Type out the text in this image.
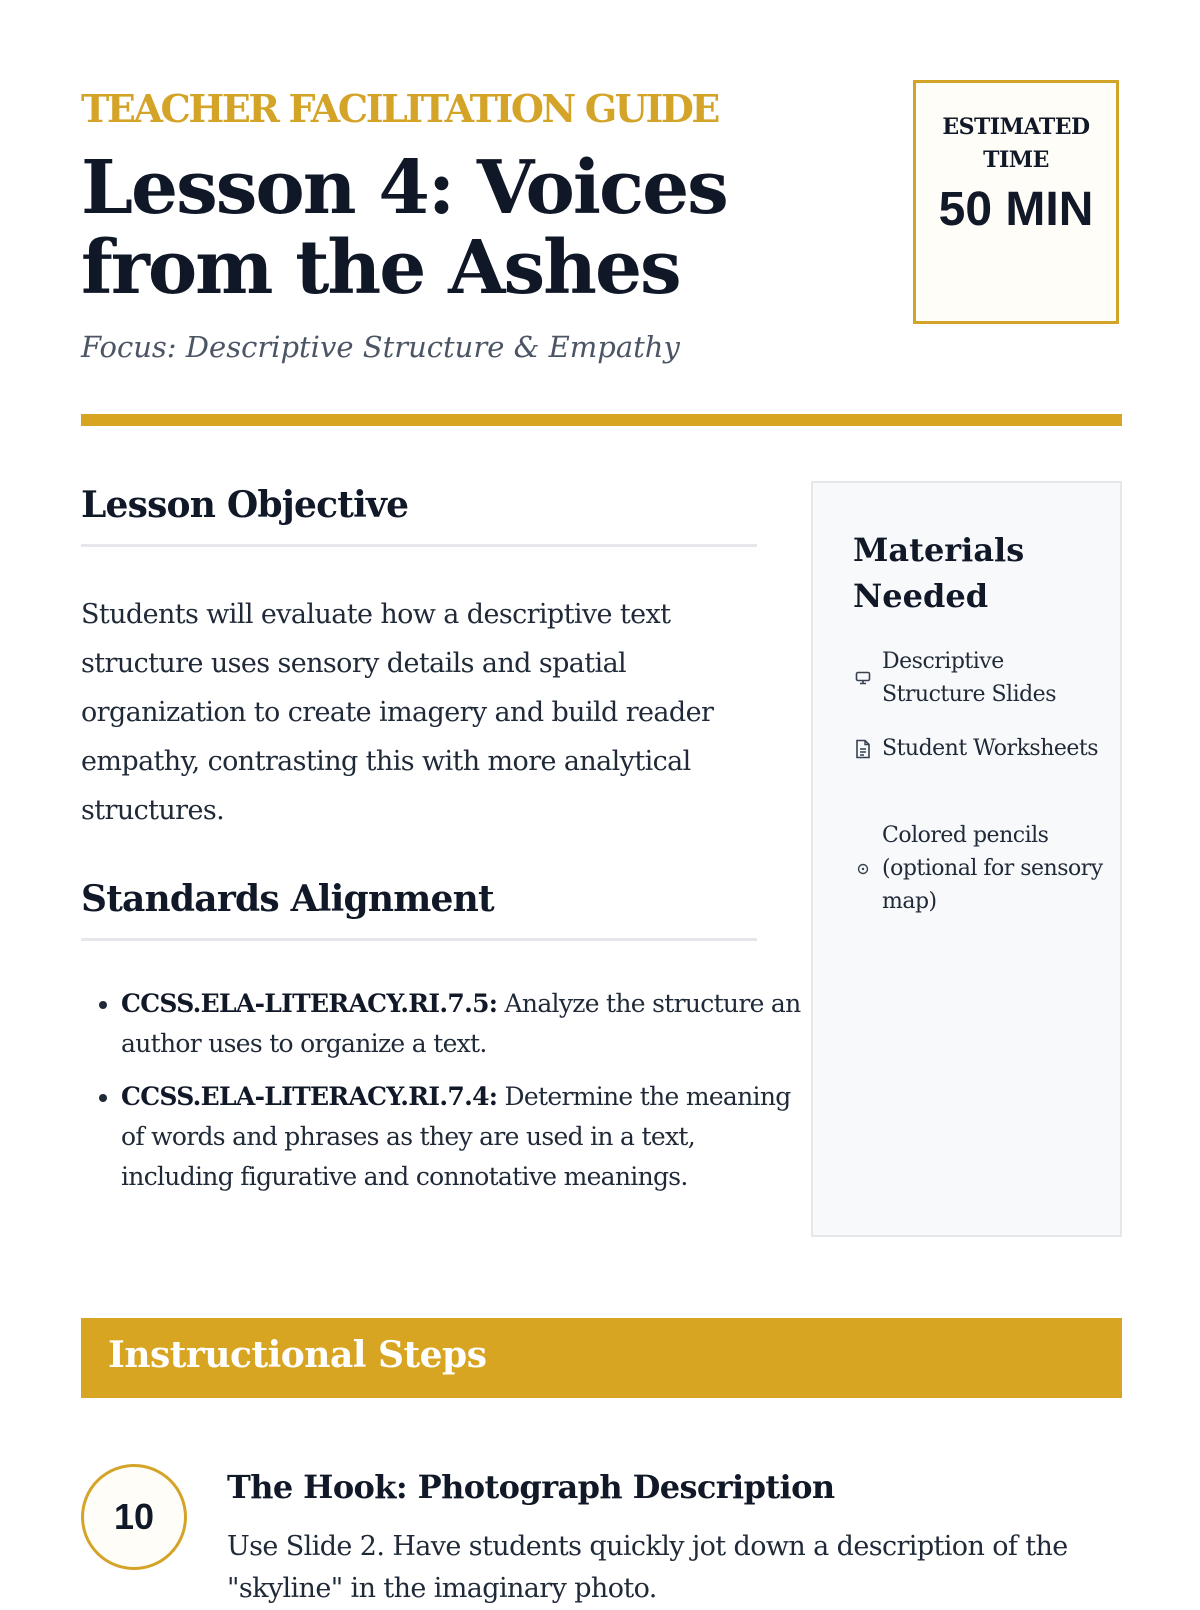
TEACHER FACILITATION GUIDE
Lesson 4: Voices from the Ashes
Focus: Descriptive Structure & Empathy
ESTIMATED TIME
50 MIN
Lesson Objective
Students will evaluate how a descriptive text structure uses sensory details and spatial organization to create imagery and build reader empathy, contrasting this with more analytical structures.
Standards Alignment
• CCSS.ELA-LITERACY.RI.7.5: Analyze the structure an author uses to organize a text.
• CCSS.ELA-LITERACY.RI.7.4: Determine the meaning of words and phrases as they are used in a text, including figurative and connotative meanings.
Materials Needed
Descriptive Structure Slides
Student Worksheets
Colored pencils (optional for sensory map)
Instructional Steps
10
The Hook: Photograph Description
Use Slide 2. Have students quickly jot down a description of the "skyline" in the imaginary photo.
